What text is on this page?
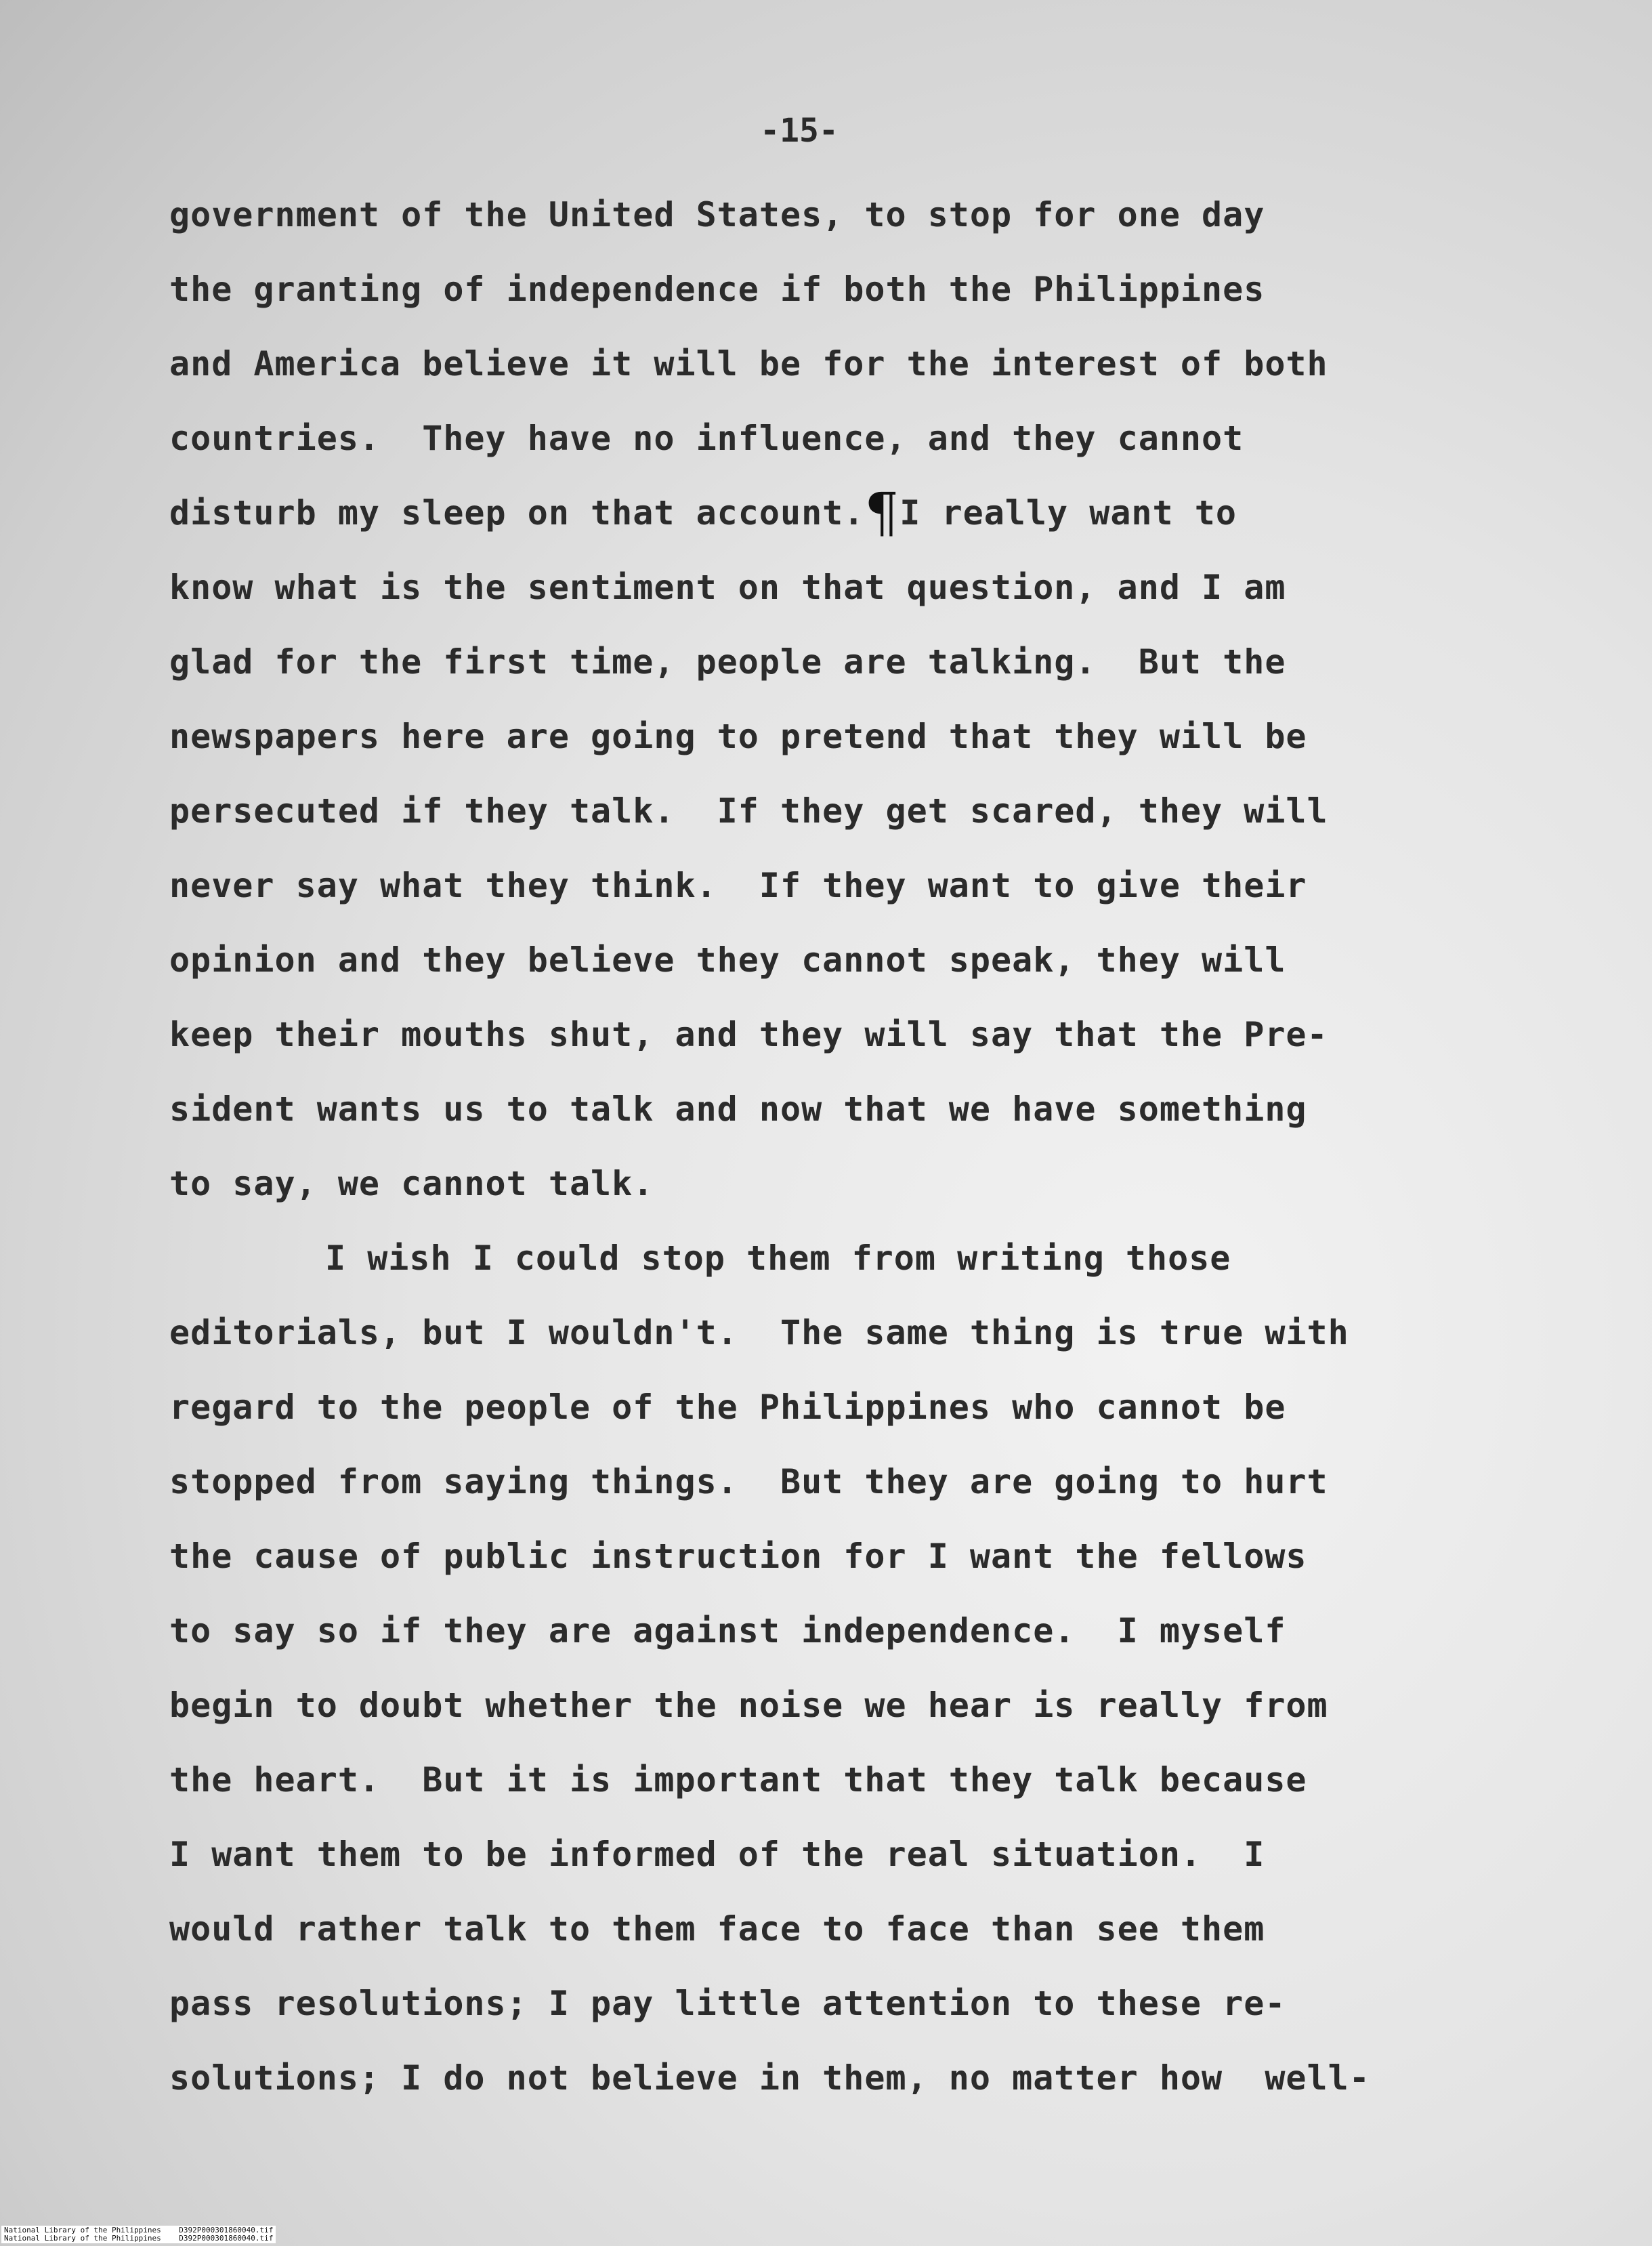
-15-
government of the United States, to stop for one day
the granting of independence if both the Philippines
and America believe it will be for the interest of both
countries.  They have no influence, and they cannot
disturb my sleep on that account.¶I really want to
know what is the sentiment on that question, and I am
glad for the first time, people are talking.  But the
newspapers here are going to pretend that they will be
persecuted if they talk.  If they get scared, they will
never say what they think.  If they want to give their
opinion and they believe they cannot speak, they will
keep their mouths shut, and they will say that the Pre-
sident wants us to talk and now that we have something
to say, we cannot talk.
I wish I could stop them from writing those
editorials, but I wouldn't.  The same thing is true with
regard to the people of the Philippines who cannot be
stopped from saying things.  But they are going to hurt
the cause of public instruction for I want the fellows
to say so if they are against independence.  I myself
begin to doubt whether the noise we hear is really from
the heart.  But it is important that they talk because
I want them to be informed of the real situation.  I
would rather talk to them face to face than see them
pass resolutions; I pay little attention to these re-
solutions; I do not believe in them, no matter how  well-
National Library of the Philippines    D392P000301860040.tif
National Library of the Philippines    D392P000301860040.tif
